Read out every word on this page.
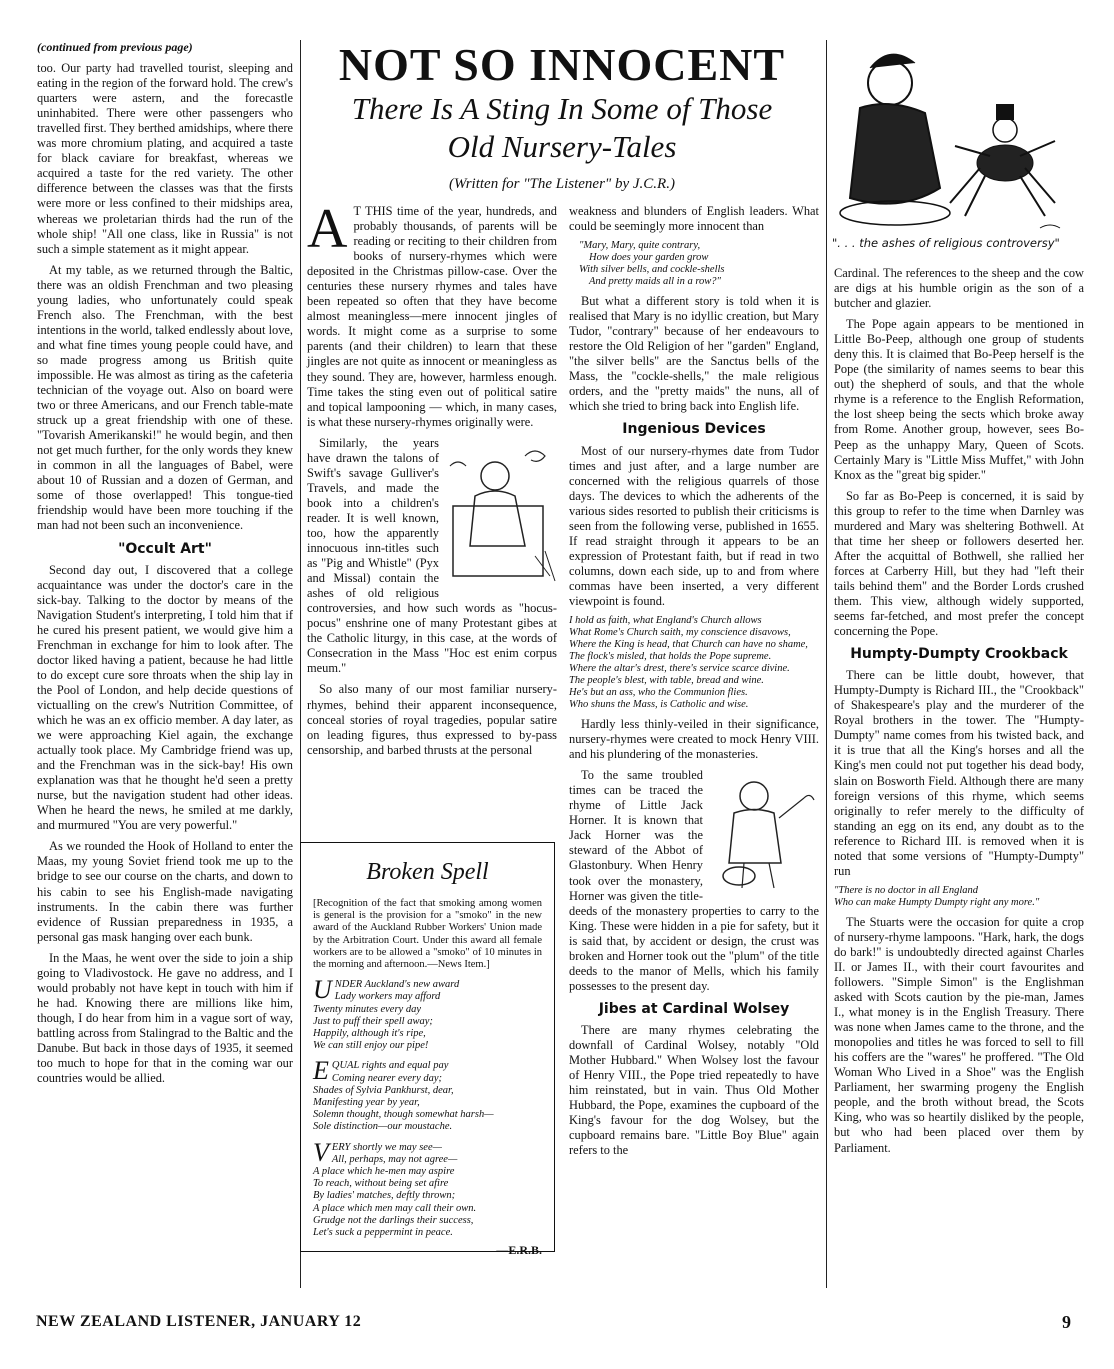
(continued from previous page)

too. Our party had travelled tourist, sleeping and eating in the region of the forward hold. The crew's quarters were astern, and the forecastle uninhabited. There were other passengers who travelled first. They berthed amidships, where there was more chromium plating, and acquired a taste for black caviare for breakfast, whereas we acquired a taste for the red variety. The other difference between the classes was that the firsts were more or less confined to their midships area, whereas we proletarian thirds had the run of the whole ship! "All one class, like in Russia" is not such a simple statement as it might appear.

At my table, as we returned through the Baltic, there was an oldish Frenchman and two pleasing young ladies, who unfortunately could speak French also. The Frenchman, with the best intentions in the world, talked endlessly about love, and what fine times young people could have, and so made progress among us British quite impossible. He was almost as tiring as the cafeteria technician of the voyage out. Also on board were two or three Americans, and our French table-mate struck up a great friendship with one of these. "Tovarish Amerikanski!" he would begin, and then not get much further, for the only words they knew in common in all the languages of Babel, were about 10 of Russian and a dozen of German, and some of those overlapped! This tongue-tied friendship would have been more touching if the man had not been such an inconvenience.

"Occult Art"

Second day out, I discovered that a college acquaintance was under the doctor's care in the sick-bay. Talking to the doctor by means of the Navigation Student's interpreting, I told him that if he cured his present patient, we would give him a Frenchman in exchange for him to look after. The doctor liked having a patient, because he had little to do except cure sore throats when the ship lay in the Pool of London, and help decide questions of victualling on the crew's Nutrition Committee, of which he was an ex officio member. A day later, as we were approaching Kiel again, the exchange actually took place. My Cambridge friend was up, and the Frenchman was in the sick-bay! His own explanation was that he thought he'd seen a pretty nurse, but the navigation student had other ideas. When he heard the news, he smiled at me darkly, and murmured "You are very powerful."

As we rounded the Hook of Holland to enter the Maas, my young Soviet friend took me up to the bridge to see our course on the charts, and down to his cabin to see his English-made navigating instruments. In the cabin there was further evidence of Russian preparedness in 1935, a personal gas mask hanging over each bunk.

In the Maas, he went over the side to join a ship going to Vladivostock. He gave no address, and I would probably not have kept in touch with him if he had. Knowing there are millions like him, though, I do hear from him in a vague sort of way, battling across from Stalingrad to the Baltic and the Danube. But back in those days of 1935, it seemed too much to hope for that in the coming war our countries would be allied.

NOT SO INNOCENT
There Is A Sting In Some of Those
Old Nursery-Tales
(Written for "The Listener" by J.C.R.)

A T THIS time of the year, hundreds, and probably thousands, of parents will be reading or reciting to their children from books of nursery-rhymes which were deposited in the Christmas pillow-case. Over the centuries these nursery rhymes and tales have been repeated so often that they have become almost meaningless—mere innocent jingles of words. It might come as a surprise to some parents (and their children) to learn that these jingles are not quite as innocent or meaningless as they sound. They are, however, harmless enough. Time takes the sting even out of political satire and topical lampooning — which, in many cases, is what these nursery-rhymes originally were.

Similarly, the years have drawn the talons of Swift's savage Gulliver's Travels, and made the book into a children's reader. It is well known, too, how the apparently innocuous inn-titles such as "Pig and Whistle" (Pyx and Missal) contain the ashes of old religious controversies, and how such words as "hocus-pocus" enshrine one of many Protestant gibes at the Catholic liturgy, in this case, at the words of Consecration in the Mass "Hoc est enim corpus meum."

So also many of our most familiar nursery-rhymes, behind their apparent inconsequence, conceal stories of royal tragedies, popular satire on leading figures, thus expressed to by-pass censorship, and barbed thrusts at the personal

Broken Spell
[Recognition of the fact that smoking among women is general is the provision for a "smoko" in the new award of the Auckland Rubber Workers' Union made by the Arbitration Court. Under this award all female workers are to be allowed a "smoko" of 10 minutes in the morning and afternoon.—News Item.]
U NDER Auckland's new award
Lady workers may afford
Twenty minutes every day
Just to puff their spell away;
Happily, although it's ripe,
We can still enjoy our pipe!
E QUAL rights and equal pay
Coming nearer every day;
Shades of Sylvia Pankhurst, dear,
Manifesting year by year,
Solemn thought, though somewhat harsh—
Sole distinction—our moustache.
V ERY shortly we may see—
All, perhaps, may not agree—
A place which he-men may aspire
To reach, without being set afire
By ladies' matches, deftly thrown;
A place which men may call their own.
Grudge not the darlings their success,
Let's suck a peppermint in peace.
—E.R.B.

weakness and blunders of English leaders. What could be seemingly more innocent than

"Mary, Mary, quite contrary,
How does your garden grow
With silver bells, and cockle-shells
And pretty maids all in a row?"

But what a different story is told when it is realised that Mary is no idyllic creation, but Mary Tudor, "contrary" because of her endeavours to restore the Old Religion of her "garden" England, "the silver bells" are the Sanctus bells of the Mass, the "cockle-shells," the male religious orders, and the "pretty maids" the nuns, all of which she tried to bring back into English life.

Ingenious Devices

Most of our nursery-rhymes date from Tudor times and just after, and a large number are concerned with the religious quarrels of those days. The devices to which the adherents of the various sides resorted to publish their criticisms is seen from the following verse, published in 1655. If read straight through it appears to be an expression of Protestant faith, but if read in two columns, down each side, up to and from where commas have been inserted, a very different viewpoint is found.

I hold as faith, what England's Church allows
What Rome's Church saith, my conscience disavows,
Where the King is head, that Church can have no shame,
The flock's misled, that holds the Pope supreme.
Where the altar's drest, there's service scarce divine.
The people's blest, with table, bread and wine.
He's but an ass, who the Communion flies.
Who shuns the Mass, is Catholic and wise.

Hardly less thinly-veiled in their significance, nursery-rhymes were created to mock Henry VIII. and his plundering of the monasteries.

To the same troubled times can be traced the rhyme of Little Jack Horner. It is known that Jack Horner was the steward of the Abbot of Glastonbury. When Henry took over the monastery, Horner was given the title-deeds of the monastery properties to carry to the King. These were hidden in a pie for safety, but it is said that, by accident or design, the crust was broken and Horner took out the "plum" of the title deeds to the manor of Mells, which his family possesses to the present day.

Jibes at Cardinal Wolsey

There are many rhymes celebrating the downfall of Cardinal Wolsey, notably "Old Mother Hubbard." When Wolsey lost the favour of Henry VIII., the Pope tried repeatedly to have him reinstated, but in vain. Thus Old Mother Hubbard, the Pope, examines the cupboard of the King's favour for the dog Wolsey, but the cupboard remains bare. "Little Boy Blue" again refers to the

". . . the ashes of religious controversy"

Cardinal. The references to the sheep and the cow are digs at his humble origin as the son of a butcher and glazier.

The Pope again appears to be mentioned in Little Bo-Peep, although one group of students deny this. It is claimed that Bo-Peep herself is the Pope (the similarity of names seems to bear this out) the shepherd of souls, and that the whole rhyme is a reference to the English Reformation, the lost sheep being the sects which broke away from Rome. Another group, however, sees Bo-Peep as the unhappy Mary, Queen of Scots. Certainly Mary is "Little Miss Muffet," with John Knox as the "great big spider."

So far as Bo-Peep is concerned, it is said by this group to refer to the time when Darnley was murdered and Mary was sheltering Bothwell. At that time her sheep or followers deserted her. After the acquittal of Bothwell, she rallied her forces at Carberry Hill, but they had "left their tails behind them" and the Border Lords crushed them. This view, although widely supported, seems far-fetched, and most prefer the concept concerning the Pope.

Humpty-Dumpty Crookback

There can be little doubt, however, that Humpty-Dumpty is Richard III., the "Crookback" of Shakespeare's play and the murderer of the Royal brothers in the tower. The "Humpty-Dumpty" name comes from his twisted back, and it is true that all the King's horses and all the King's men could not put together his dead body, slain on Bosworth Field. Although there are many foreign versions of this rhyme, which seems originally to refer merely to the difficulty of standing an egg on its end, any doubt as to the reference to Richard III. is removed when it is noted that some versions of "Humpty-Dumpty" run

"There is no doctor in all England
Who can make Humpty Dumpty right any more."

The Stuarts were the occasion for quite a crop of nursery-rhyme lampoons. "Hark, hark, the dogs do bark!" is undoubtedly directed against Charles II. or James II., with their court favourites and followers. "Simple Simon" is the Englishman asked with Scots caution by the pie-man, James I., what money is in the English Treasury. There was none when James came to the throne, and the monopolies and titles he was forced to sell to fill his coffers are the "wares" he proffered. "The Old Woman Who Lived in a Shoe" was the English Parliament, her swarming progeny the English people, and the broth without bread, the Scots King, who was so heartily disliked by the people, but who had been placed over them by Parliament.

NEW ZEALAND LISTENER, JANUARY 12	9
